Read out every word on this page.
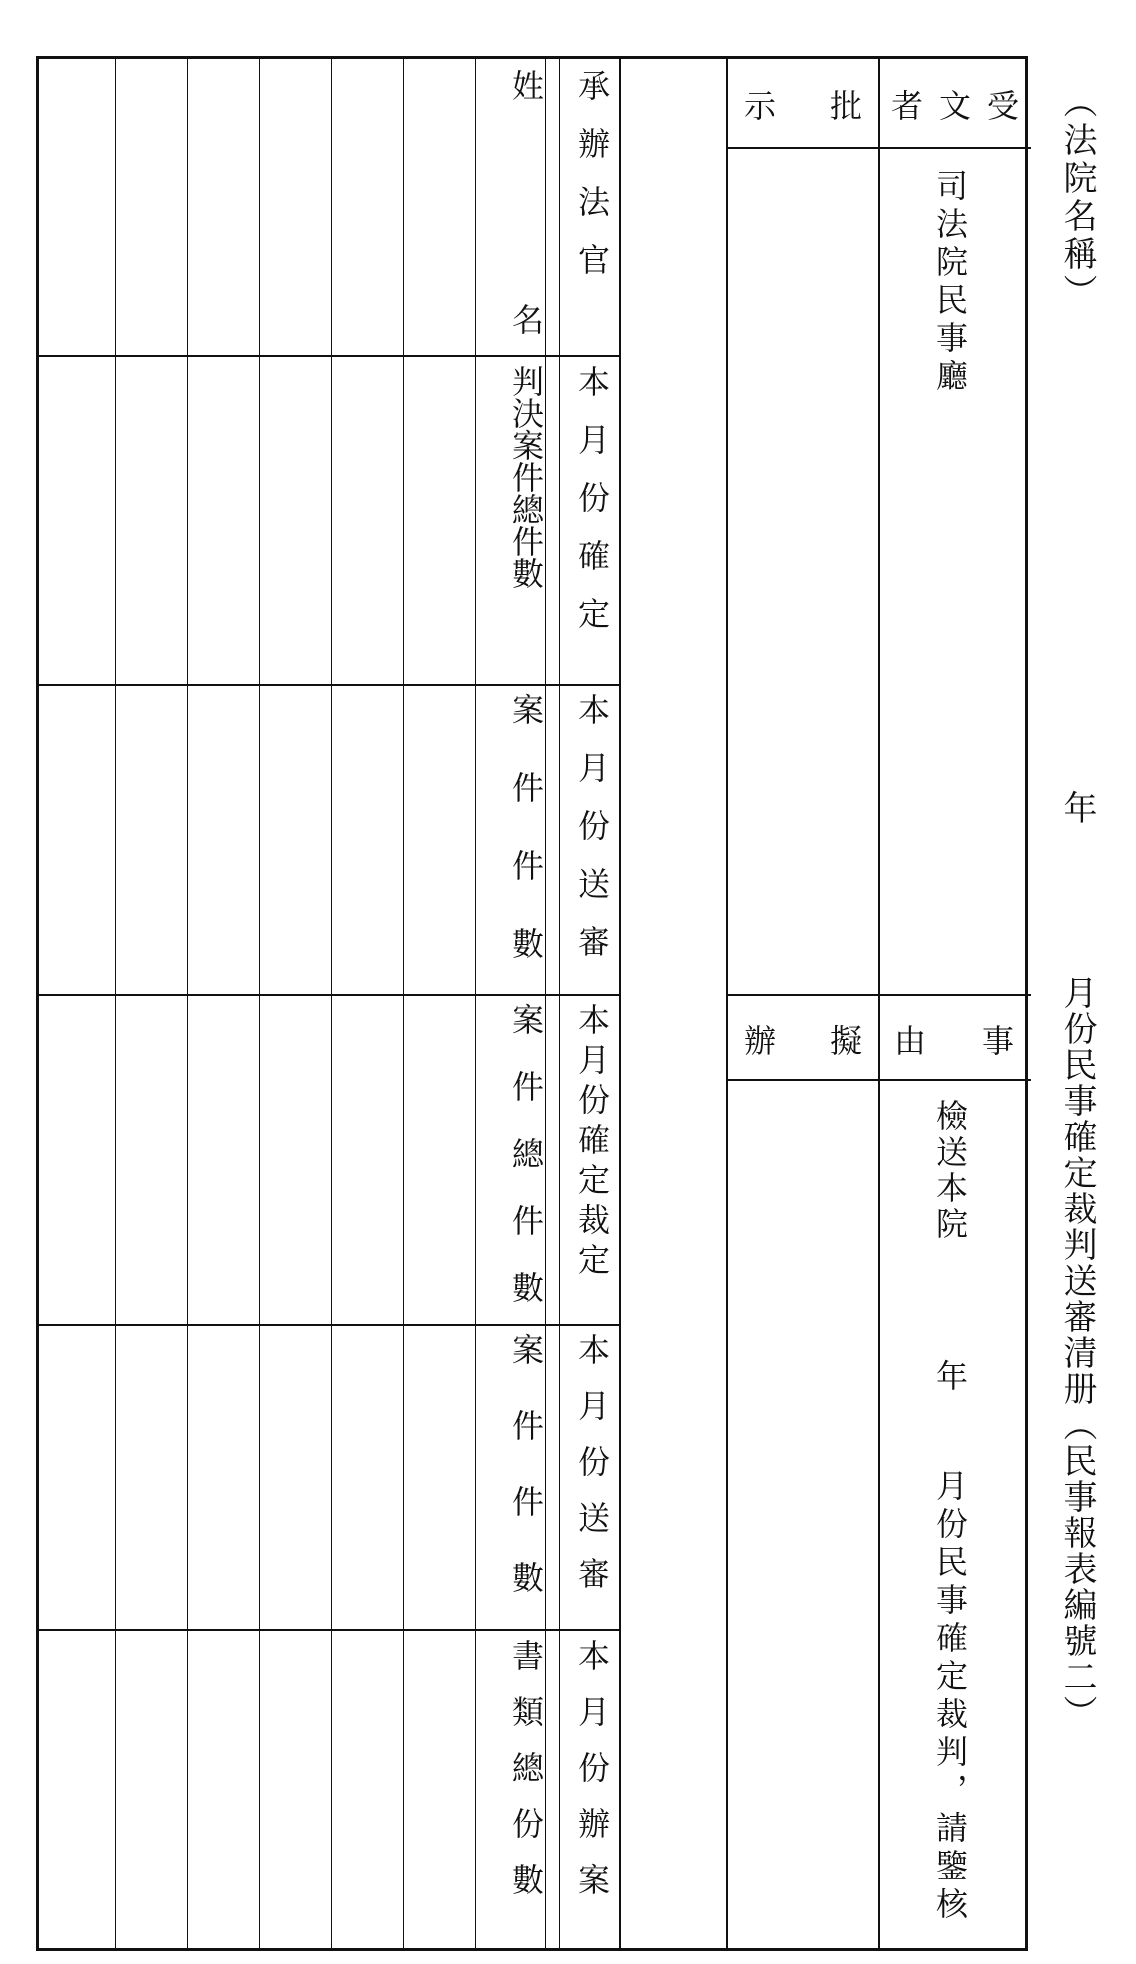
（法院名稱）
年
月份民事確定裁判送審清册（民事報表編號二）
受
文
者
批
示
事
由
擬
辦
司法院民事廳
檢送本院
年
月份民事確定裁判，請鑒核
承辦法官
姓
名
本月份確定
判決案件總件數
本月份送審
案件件數
本月份確定裁定
案件總件數
本月份送審
案件件數
本月份辦案
書類總份數
